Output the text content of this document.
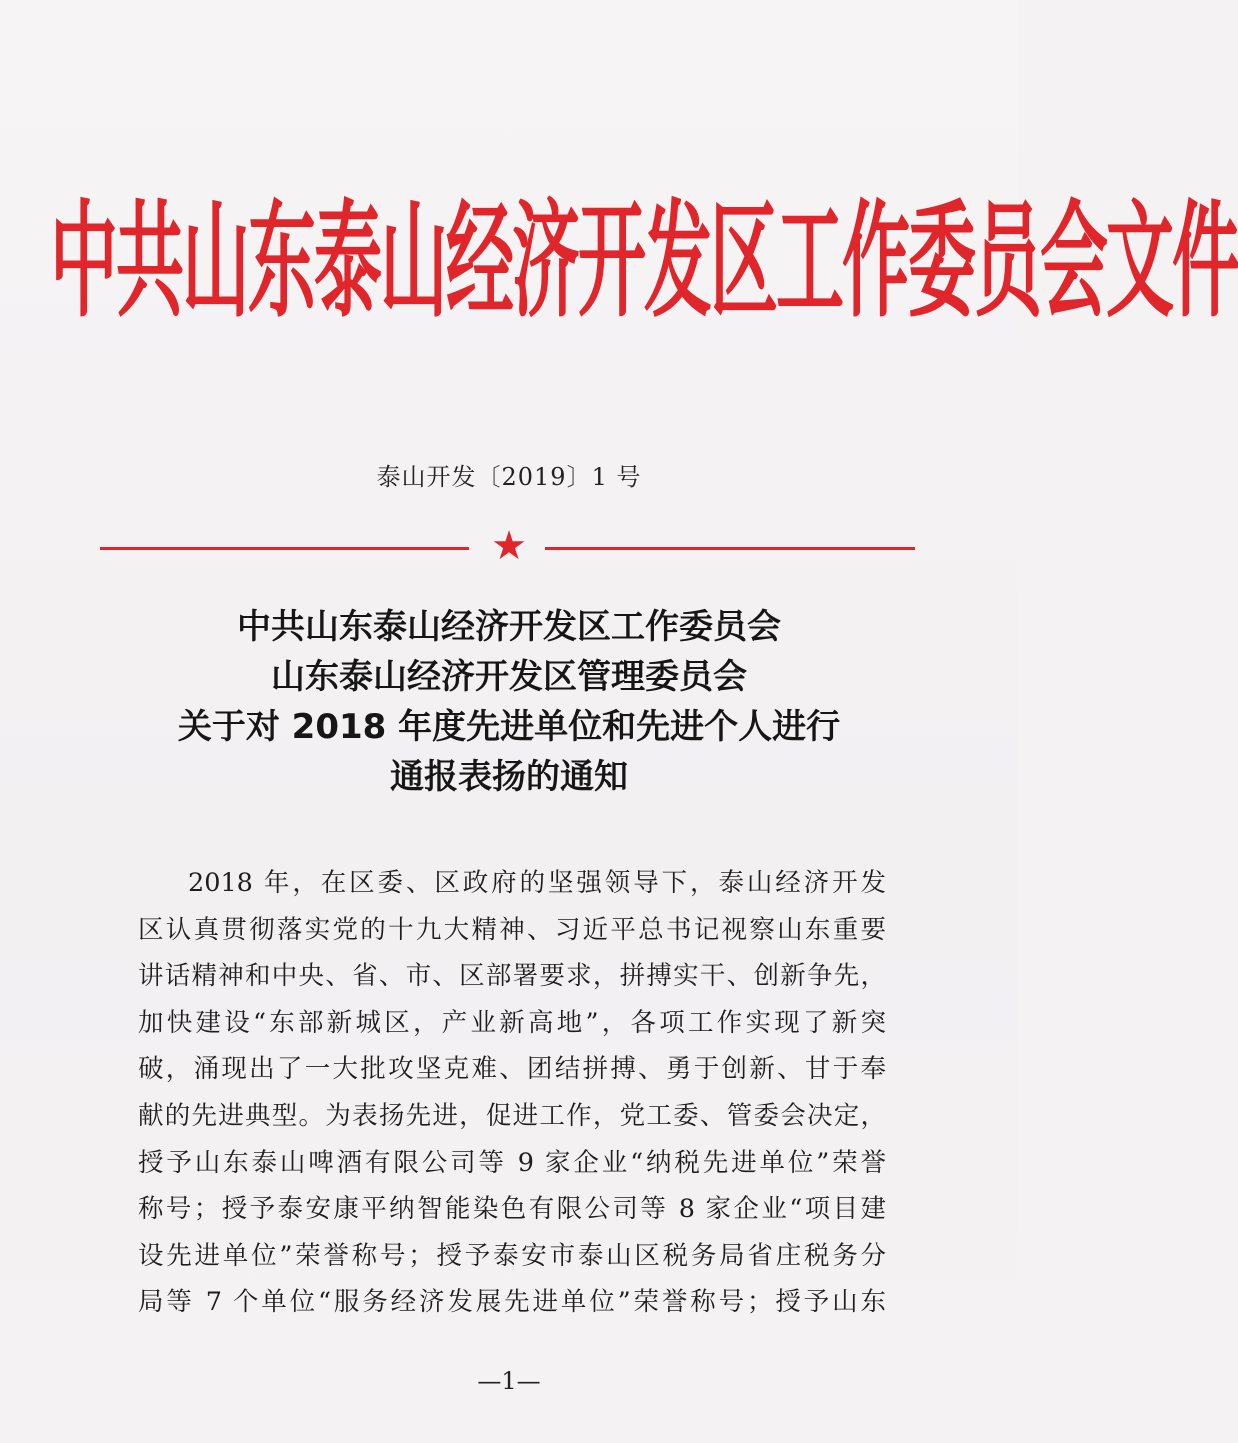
中共山东泰山经济开发区工作委员会文件
泰山开发〔2019〕1 号
★
中共山东泰山经济开发区工作委员会
山东泰山经济开发区管理委员会
关于对 2018 年度先进单位和先进个人进行
通报表扬的通知
2018 年，在区委、区政府的坚强领导下，泰山经济开发
区认真贯彻落实党的十九大精神、习近平总书记视察山东重要
讲话精神和中央、省、市、区部署要求，拼搏实干、创新争先，
加快建设“东部新城区，产业新高地”，各项工作实现了新突
破，涌现出了一大批攻坚克难、团结拼搏、勇于创新、甘于奉
献的先进典型。为表扬先进，促进工作，党工委、管委会决定，
授予山东泰山啤酒有限公司等 9 家企业“纳税先进单位”荣誉
称号；授予泰安康平纳智能染色有限公司等 8 家企业“项目建
设先进单位”荣誉称号；授予泰安市泰山区税务局省庄税务分
局等 7 个单位“服务经济发展先进单位”荣誉称号；授予山东
—1—
